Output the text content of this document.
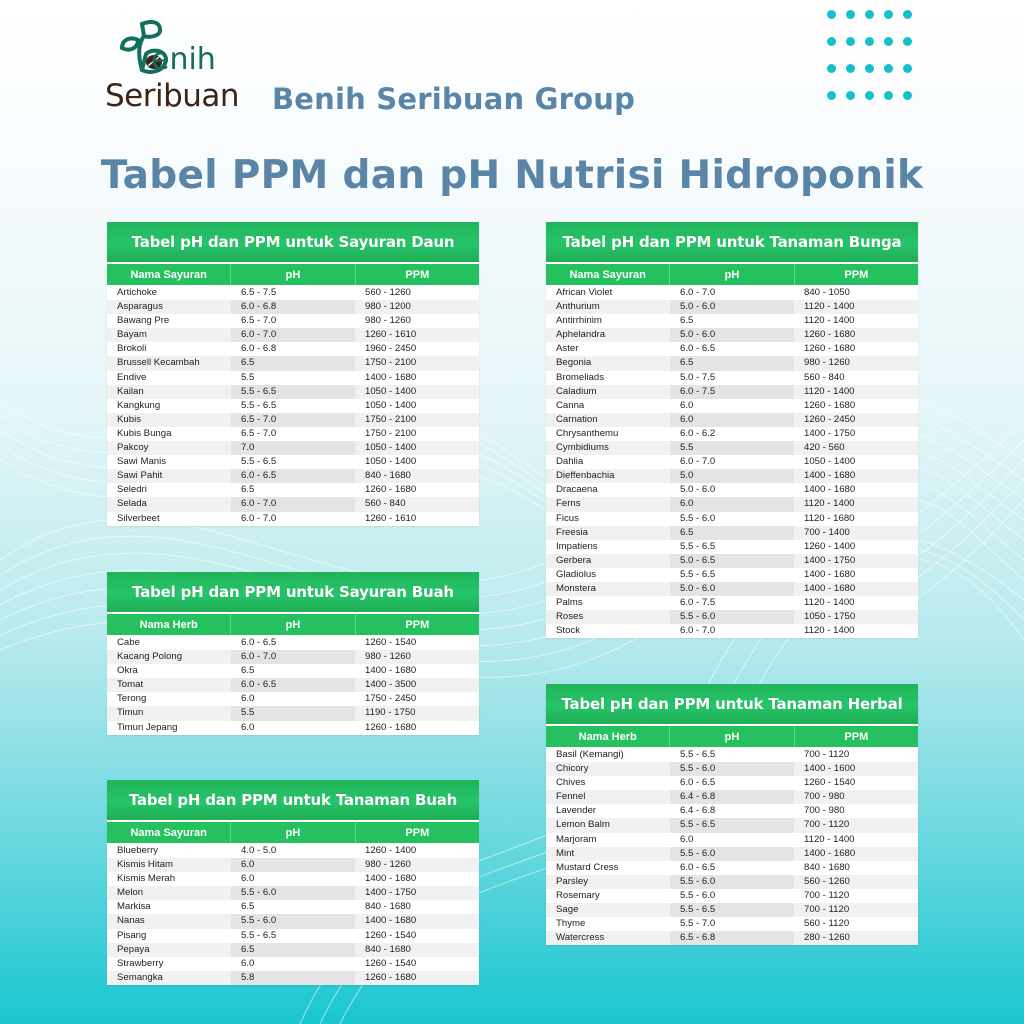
enih
Seribuan Benih Seribuan Group
Tabel PPM dan pH Nutrisi Hidroponik
Tabel pH dan PPM untuk Sayuran Daun
Nama Sayuran	pH	PPM
Artichoke	6.5 - 7.5	560 - 1260
Asparagus	6.0 - 6.8	980 - 1200
Bawang Pre	6.5 - 7.0	980 - 1260
Bayam	6.0 - 7.0	1260 - 1610
Brokoli	6.0 - 6.8	1960 - 2450
Brussell Kecambah	6.5	1750 - 2100
Endive	5.5	1400 - 1680
Kailan	5.5 - 6.5	1050 - 1400
Kangkung	5.5 - 6.5	1050 - 1400
Kubis	6.5 - 7.0	1750 - 2100
Kubis Bunga	6.5 - 7.0	1750 - 2100
Pakcoy	7.0	1050 - 1400
Sawi Manis	5.5 - 6.5	1050 - 1400
Sawi Pahit	6.0 - 6.5	840 - 1680
Seledri	6.5	1260 - 1680
Selada	6.0 - 7.0	560 - 840
Silverbeet	6.0 - 7.0	1260 - 1610
Tabel pH dan PPM untuk Sayuran Buah
Nama Herb	pH	PPM
Cabe	6.0 - 6.5	1260 - 1540
Kacang Polong	6.0 - 7.0	980 - 1260
Okra	6.5	1400 - 1680
Tomat	6.0 - 6.5	1400 - 3500
Terong	6.0	1750 - 2450
Timun	5.5	1190 - 1750
Timun Jepang	6.0	1260 - 1680
Tabel pH dan PPM untuk Tanaman Buah
Nama Sayuran	pH	PPM
Blueberry	4.0 - 5.0	1260 - 1400
Kismis Hitam	6.0	980 - 1260
Kismis Merah	6.0	1400 - 1680
Melon	5.5 - 6.0	1400 - 1750
Markisa	6.5	840 - 1680
Nanas	5.5 - 6.0	1400 - 1680
Pisang	5.5 - 6.5	1260 - 1540
Pepaya	6.5	840 - 1680
Strawberry	6.0	1260 - 1540
Semangka	5.8	1260 - 1680
Tabel pH dan PPM untuk Tanaman Bunga
Nama Sayuran	pH	PPM
African Violet	6.0 - 7.0	840 - 1050
Anthurium	5.0 - 6.0	1120 - 1400
Antirrhinim	6.5	1120 - 1400
Aphelandra	5.0 - 6.0	1260 - 1680
Aster	6.0 - 6.5	1260 - 1680
Begonia	6.5	980 - 1260
Bromeliads	5.0 - 7.5	560 - 840
Caladium	6.0 - 7.5	1120 - 1400
Canna	6.0	1260 - 1680
Carnation	6.0	1260 - 2450
Chrysanthemu	6.0 - 6.2	1400 - 1750
Cymbidiums	5.5	420 - 560
Dahlia	6.0 - 7.0	1050 - 1400
Dieffenbachia	5.0	1400 - 1680
Dracaena	5.0 - 6.0	1400 - 1680
Ferns	6.0	1120 - 1400
Ficus	5.5 - 6.0	1120 - 1680
Freesia	6.5	700 - 1400
Impatiens	5.5 - 6.5	1260 - 1400
Gerbera	5.0 - 6.5	1400 - 1750
Gladiolus	5.5 - 6.5	1400 - 1680
Monstera	5.0 - 6.0	1400 - 1680
Palms	6.0 - 7.5	1120 - 1400
Roses	5.5 - 6.0	1050 - 1750
Stock	6.0 - 7.0	1120 - 1400
Tabel pH dan PPM untuk Tanaman Herbal
Nama Herb	pH	PPM
Basil (Kemangi)	5.5 - 6.5	700 - 1120
Chicory	5.5 - 6.0	1400 - 1600
Chives	6.0 - 6.5	1260 - 1540
Fennel	6.4 - 6.8	700 - 980
Lavender	6.4 - 6.8	700 - 980
Lemon Balm	5.5 - 6.5	700 - 1120
Marjoram	6.0	1120 - 1400
Mint	5.5 - 6.0	1400 - 1680
Mustard Cress	6.0 - 6.5	840 - 1680
Parsley	5.5 - 6.0	560 - 1260
Rosemary	5.5 - 6.0	700 - 1120
Sage	5.5 - 6.5	700 - 1120
Thyme	5.5 - 7.0	560 - 1120
Watercress	6.5 - 6.8	280 - 1260
